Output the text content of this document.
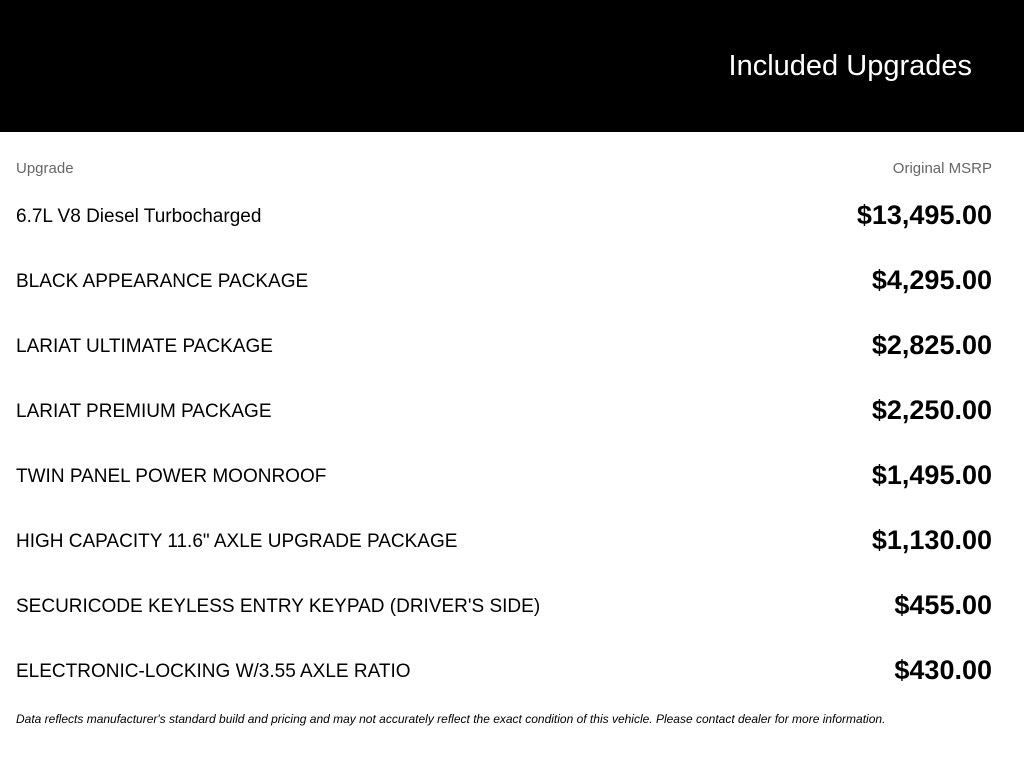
Included Upgrades
Upgrade	Original MSRP
6.7L V8 Diesel Turbocharged	$13,495.00
BLACK APPEARANCE PACKAGE	$4,295.00
LARIAT ULTIMATE PACKAGE	$2,825.00
LARIAT PREMIUM PACKAGE	$2,250.00
TWIN PANEL POWER MOONROOF	$1,495.00
HIGH CAPACITY 11.6" AXLE UPGRADE PACKAGE	$1,130.00
SECURICODE KEYLESS ENTRY KEYPAD (DRIVER'S SIDE)	$455.00
ELECTRONIC-LOCKING W/3.55 AXLE RATIO	$430.00
Data reflects manufacturer's standard build and pricing and may not accurately reflect the exact condition of this vehicle. Please contact dealer for more information.
